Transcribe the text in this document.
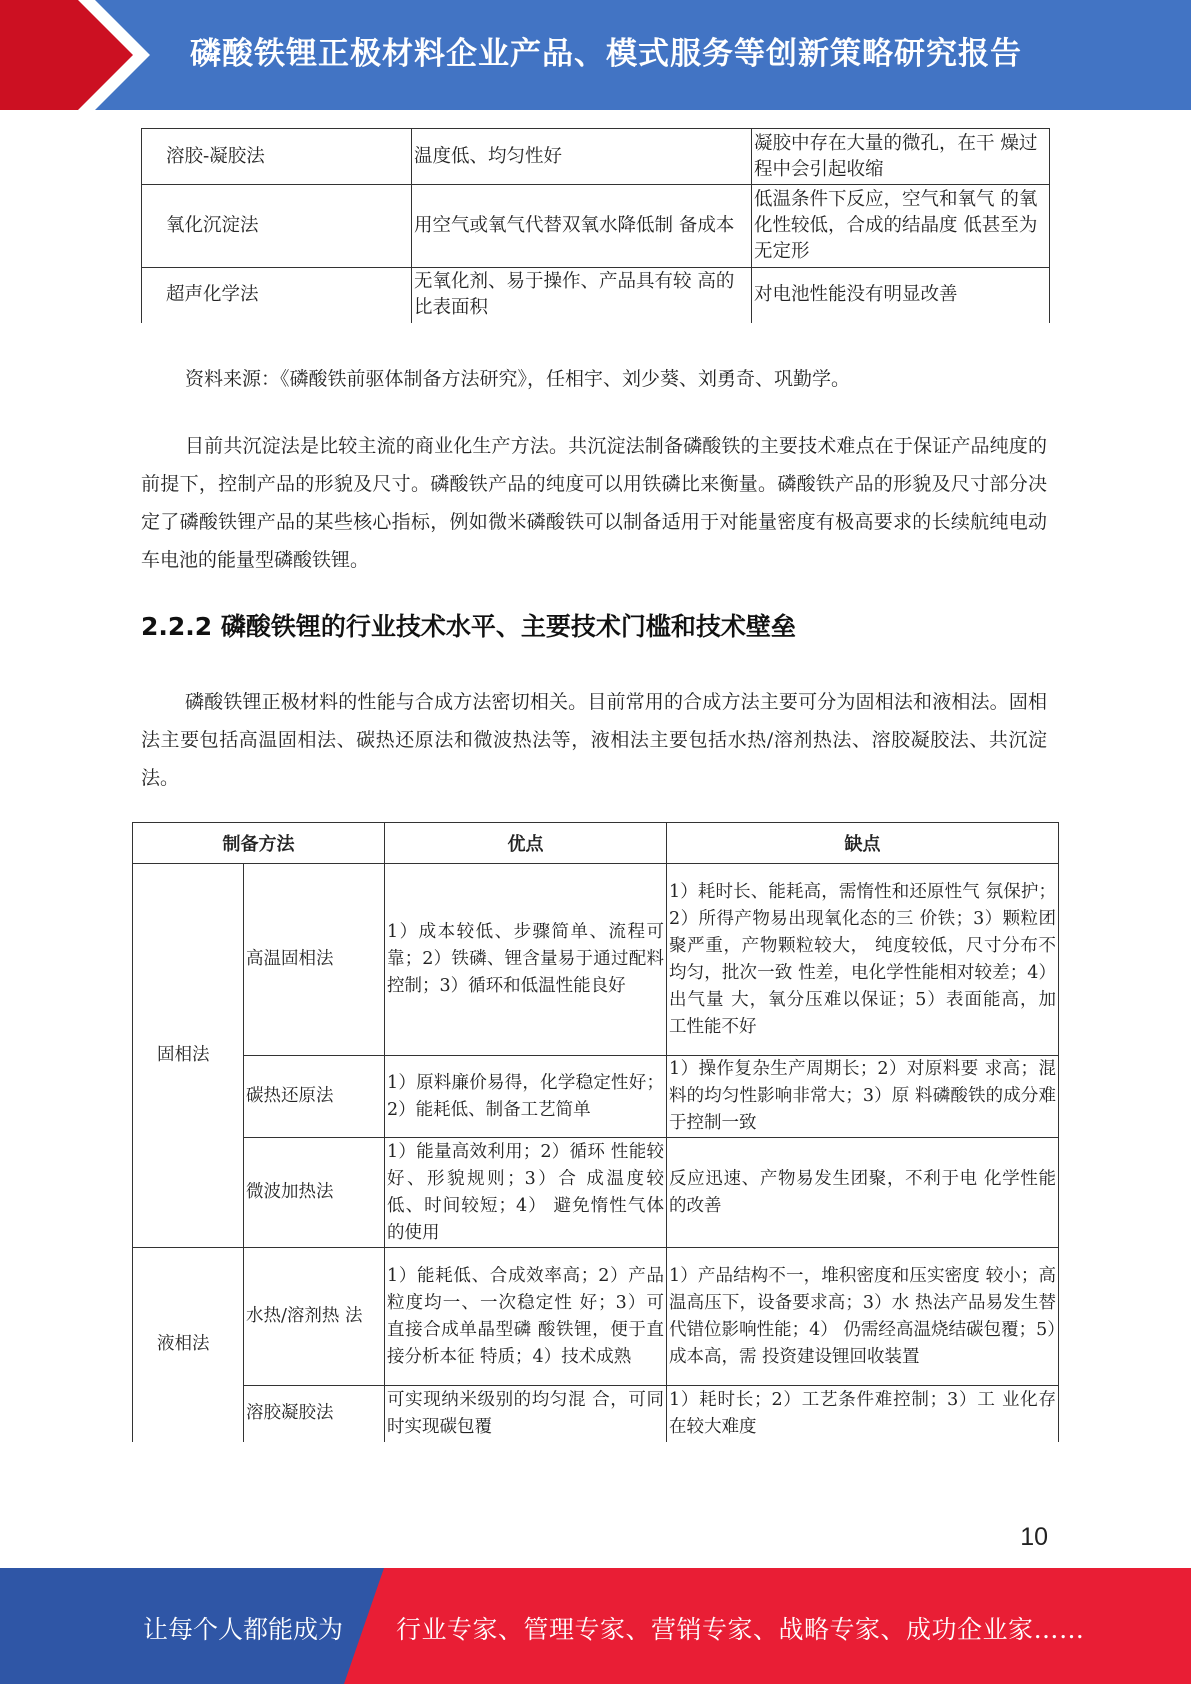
磷酸铁锂正极材料企业产品、模式服务等创新策略研究报告
溶胶-凝胶法	温度低、均匀性好	凝胶中存在大量的微孔，在干 燥过程中会引起收缩
氧化沉淀法	用空气或氧气代替双氧水降低制 备成本	低温条件下反应，空气和氧气 的氧化性较低，合成的结晶度 低甚至为无定形
超声化学法	无氧化剂、易于操作、产品具有较 高的比表面积	对电池性能没有明显改善

资料来源：《磷酸铁前驱体制备方法研究》，任相宇、刘少葵、刘勇奇、巩勤学。

目前共沉淀法是比较主流的商业化生产方法。共沉淀法制备磷酸铁的主要技术难点在于保证产品纯度的前提下，控制产品的形貌及尺寸。磷酸铁产品的纯度可以用铁磷比来衡量。磷酸铁产品的形貌及尺寸部分决定了磷酸铁锂产品的某些核心指标，例如微米磷酸铁可以制备适用于对能量密度有极高要求的长续航纯电动车电池的能量型磷酸铁锂。

2.2.2 磷酸铁锂的行业技术水平、主要技术门槛和技术壁垒

磷酸铁锂正极材料的性能与合成方法密切相关。目前常用的合成方法主要可分为固相法和液相法。固相法主要包括高温固相法、碳热还原法和微波热法等，液相法主要包括水热/溶剂热法、溶胶凝胶法、共沉淀法。

制备方法		优点	缺点
固相法	高温固相法	1）成本较低、步骤简单、流程可靠；2）铁磷、锂含量易于通过配料控制；3）循环和低温性能良好	1）耗时长、能耗高，需惰性和还原性气 氛保护；2）所得产物易出现氧化态的三 价铁；3）颗粒团聚严重，产物颗粒较大， 纯度较低，尺寸分布不均匀，批次一致 性差，电化学性能相对较差；4）出气量 大，氧分压难以保证；5）表面能高，加 工性能不好
	碳热还原法	1）原料廉价易得，化学稳定性好；2）能耗低、制备工艺简单	1）操作复杂生产周期长；2）对原料要 求高；混料的均匀性影响非常大；3）原 料磷酸铁的成分难于控制一致
	微波加热法	1）能量高效利用；2）循环 性能较好、形貌规则；3）合 成温度较低、时间较短；4） 避免惰性气体的使用	反应迅速、产物易发生团聚，不利于电 化学性能的改善
液相法	水热/溶剂热 法	1）能耗低、合成效率高；2）产品粒度均一、一次稳定性 好；3）可直接合成单晶型磷 酸铁锂，便于直接分析本征 特质；4）技术成熟	1）产品结构不一，堆积密度和压实密度 较小；高温高压下，设备要求高；3）水 热法产品易发生替代错位影响性能；4） 仍需经高温烧结碳包覆；5）成本高，需 投资建设锂回收装置
	溶胶凝胶法	可实现纳米级别的均匀混 合，可同时实现碳包覆	1）耗时长；2）工艺条件难控制；3）工 业化存在较大难度
10
让每个人都能成为 行业专家、管理专家、营销专家、战略专家、成功企业家……
